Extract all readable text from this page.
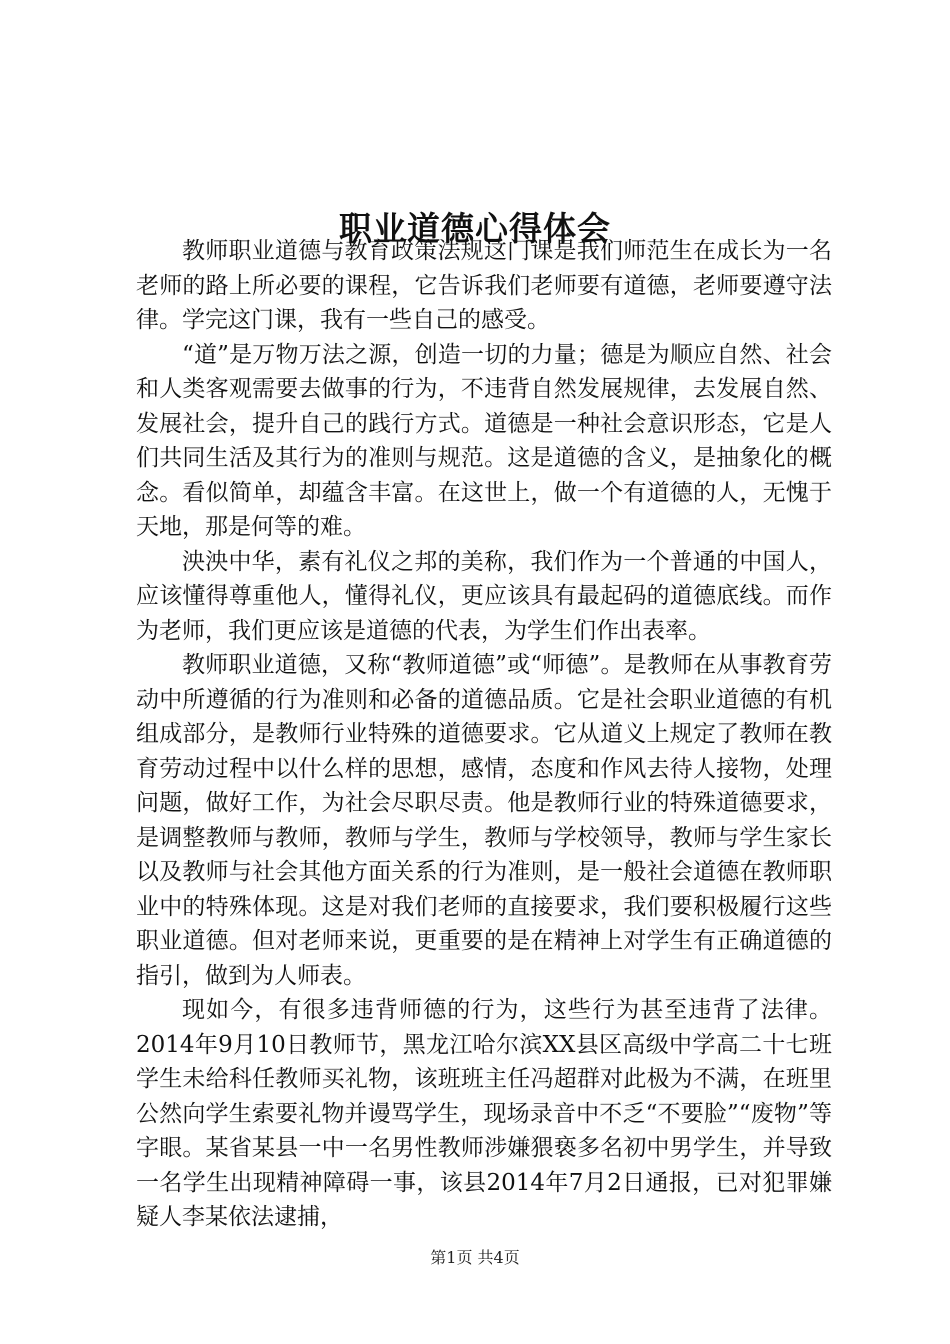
职业道德心得体会

教师职业道德与教育政策法规这门课是我们师范生在成长为一名老师的路上所必要的课程，它告诉我们老师要有道德，老师要遵守法律。学完这门课，我有一些自己的感受。

“道”是万物万法之源，创造一切的力量；德是为顺应自然、社会和人类客观需要去做事的行为，不违背自然发展规律，去发展自然、发展社会，提升自己的践行方式。道德是一种社会意识形态，它是人们共同生活及其行为的准则与规范。这是道德的含义，是抽象化的概念。看似简单，却蕴含丰富。在这世上，做一个有道德的人，无愧于天地，那是何等的难。

泱泱中华，素有礼仪之邦的美称，我们作为一个普通的中国人，应该懂得尊重他人，懂得礼仪，更应该具有最起码的道德底线。而作为老师，我们更应该是道德的代表，为学生们作出表率。

教师职业道德，又称“教师道德”或“师德”。是教师在从事教育劳动中所遵循的行为准则和必备的道德品质。它是社会职业道德的有机组成部分，是教师行业特殊的道德要求。它从道义上规定了教师在教育劳动过程中以什么样的思想，感情，态度和作风去待人接物，处理问题，做好工作，为社会尽职尽责。他是教师行业的特殊道德要求，是调整教师与教师，教师与学生，教师与学校领导，教师与学生家长以及教师与社会其他方面关系的行为准则，是一般社会道德在教师职业中的特殊体现。这是对我们老师的直接要求，我们要积极履行这些职业道德。但对老师来说，更重要的是在精神上对学生有正确道德的指引，做到为人师表。

现如今，有很多违背师德的行为，这些行为甚至违背了法律。2014年9月10日教师节，黑龙江哈尔滨XX县区高级中学高二十七班学生未给科任教师买礼物，该班班主任冯超群对此极为不满，在班里公然向学生索要礼物并谩骂学生，现场录音中不乏“不要脸”“废物”等字眼。某省某县一中一名男性教师涉嫌猥亵多名初中男学生，并导致一名学生出现精神障碍一事，该县2014年7月2日通报，已对犯罪嫌疑人李某依法逮捕，

第1页 共4页
